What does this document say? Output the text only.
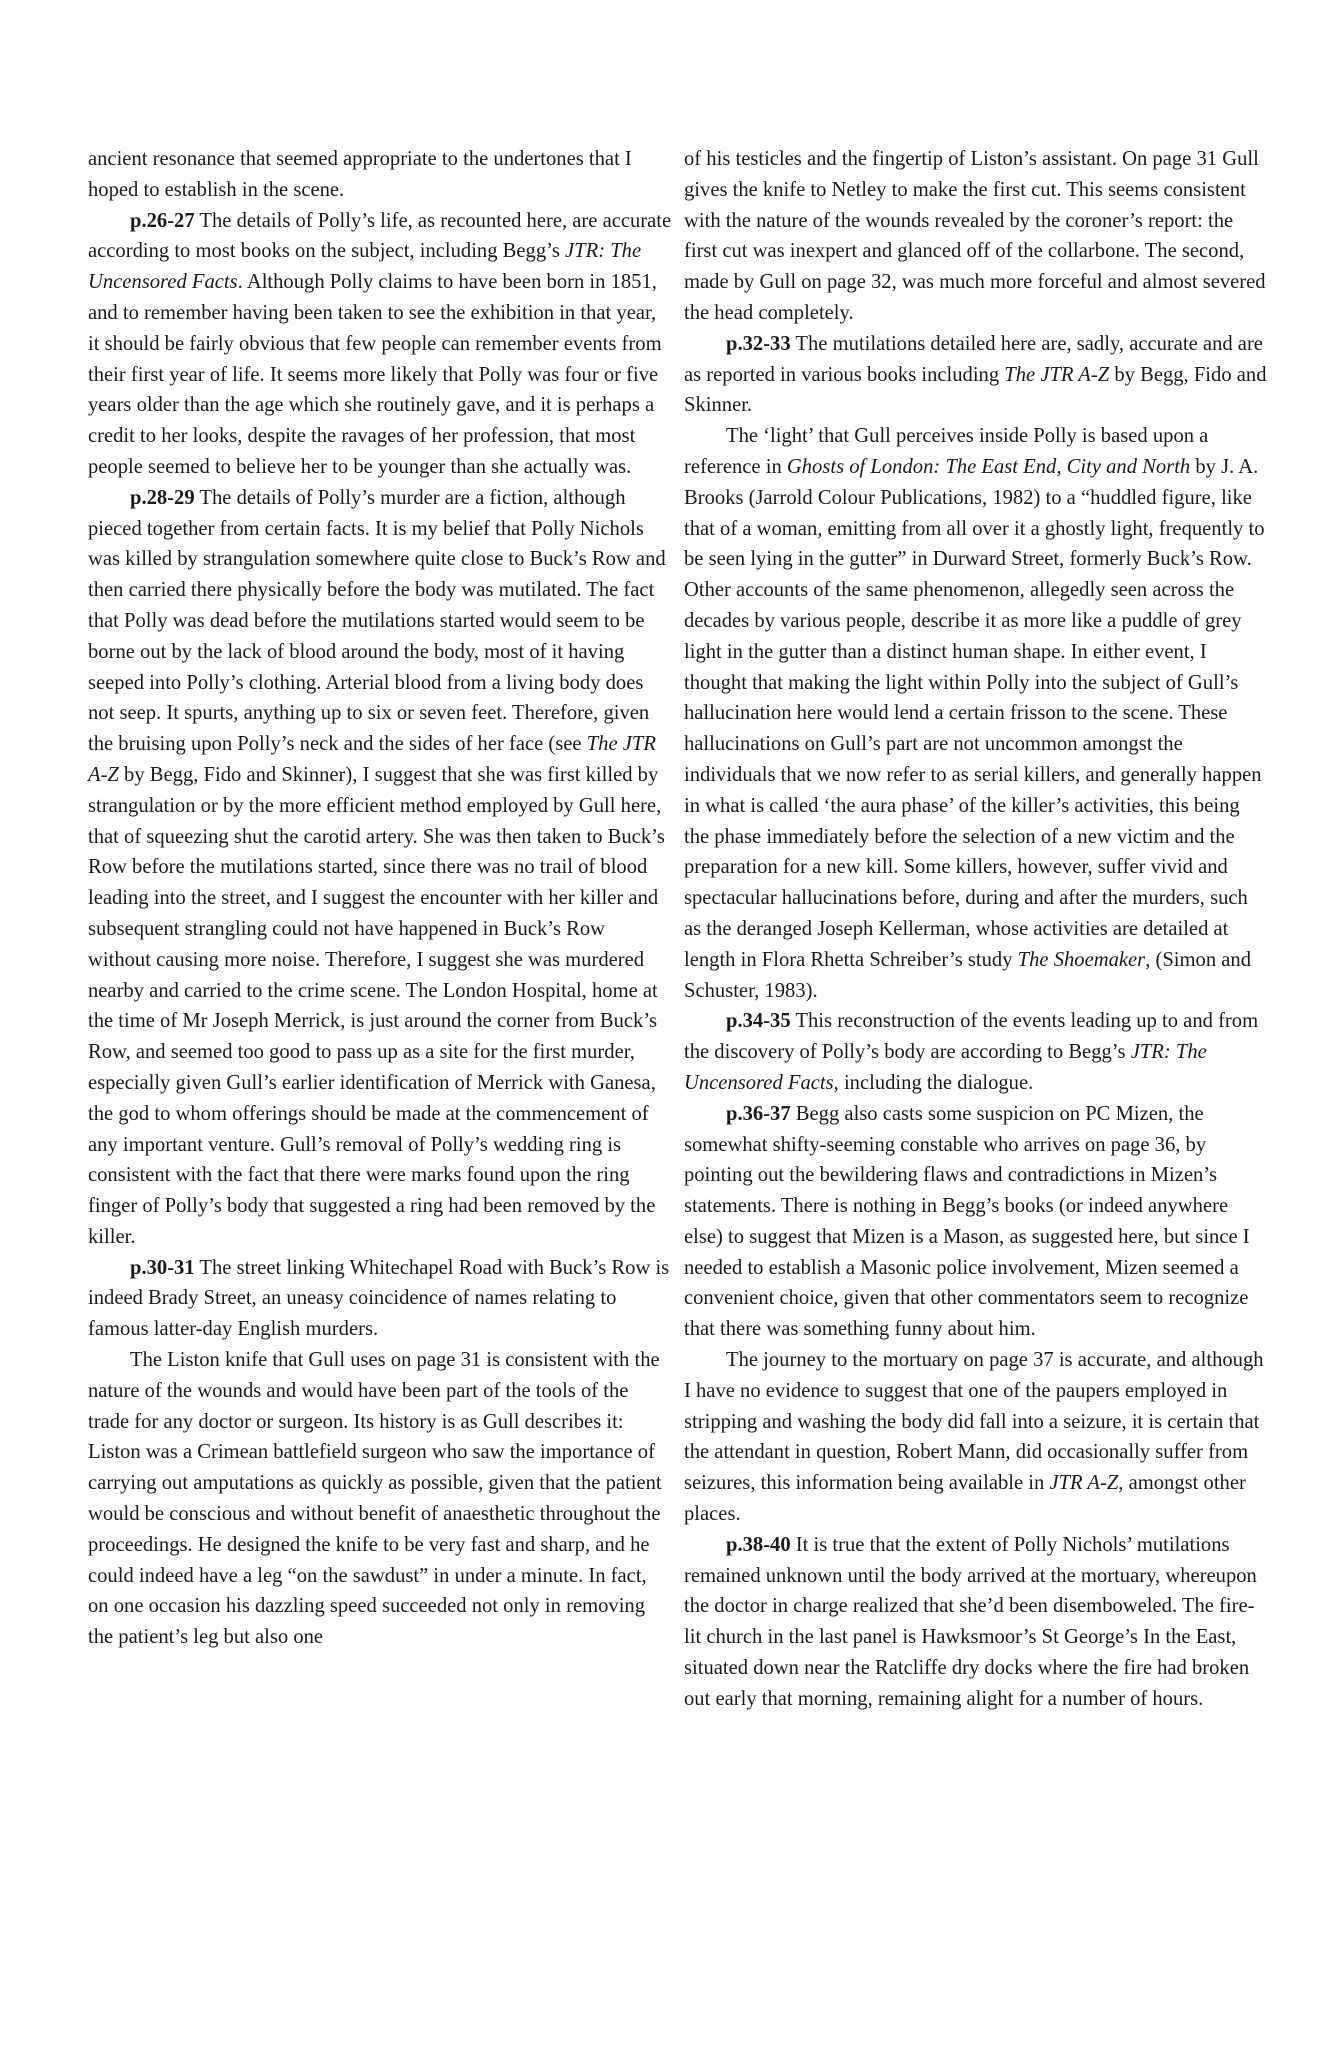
ancient resonance that seemed appropriate to the undertones that I hoped to establish in the scene.

p.26-27 The details of Polly’s life, as recounted here, are accurate according to most books on the subject, including Begg’s JTR: The Uncensored Facts. Although Polly claims to have been born in 1851, and to remember having been taken to see the exhibition in that year, it should be fairly obvious that few people can remember events from their first year of life. It seems more likely that Polly was four or five years older than the age which she routinely gave, and it is perhaps a credit to her looks, despite the ravages of her profession, that most people seemed to believe her to be younger than she actually was.

p.28-29 The details of Polly’s murder are a fiction, although pieced together from certain facts. It is my belief that Polly Nichols was killed by strangulation somewhere quite close to Buck’s Row and then carried there physically before the body was mutilated. The fact that Polly was dead before the mutilations started would seem to be borne out by the lack of blood around the body, most of it having seeped into Polly’s clothing. Arterial blood from a living body does not seep. It spurts, anything up to six or seven feet. Therefore, given the bruising upon Polly’s neck and the sides of her face (see The JTR A-Z by Begg, Fido and Skinner), I suggest that she was first killed by strangulation or by the more efficient method employed by Gull here, that of squeezing shut the carotid artery. She was then taken to Buck’s Row before the mutilations started, since there was no trail of blood leading into the street, and I suggest the encounter with her killer and subsequent strangling could not have happened in Buck’s Row without causing more noise. Therefore, I suggest she was murdered nearby and carried to the crime scene. The London Hospital, home at the time of Mr Joseph Merrick, is just around the corner from Buck’s Row, and seemed too good to pass up as a site for the first murder, especially given Gull’s earlier identification of Merrick with Ganesa, the god to whom offerings should be made at the commencement of any important venture. Gull’s removal of Polly’s wedding ring is consistent with the fact that there were marks found upon the ring finger of Polly’s body that suggested a ring had been removed by the killer.

p.30-31 The street linking Whitechapel Road with Buck’s Row is indeed Brady Street, an uneasy coincidence of names relating to famous latter-day English murders.

The Liston knife that Gull uses on page 31 is consistent with the nature of the wounds and would have been part of the tools of the trade for any doctor or surgeon. Its history is as Gull describes it: Liston was a Crimean battlefield surgeon who saw the importance of carrying out amputations as quickly as possible, given that the patient would be conscious and without benefit of anaesthetic throughout the proceedings. He designed the knife to be very fast and sharp, and he could indeed have a leg “on the sawdust” in under a minute. In fact, on one occasion his dazzling speed succeeded not only in removing the patient’s leg but also one

of his testicles and the fingertip of Liston’s assistant. On page 31 Gull gives the knife to Netley to make the first cut. This seems consistent with the nature of the wounds revealed by the coroner’s report: the first cut was inexpert and glanced off of the collarbone. The second, made by Gull on page 32, was much more forceful and almost severed the head completely.

p.32-33 The mutilations detailed here are, sadly, accurate and are as reported in various books including The JTR A-Z by Begg, Fido and Skinner.

The ‘light’ that Gull perceives inside Polly is based upon a reference in Ghosts of London: The East End, City and North by J. A. Brooks (Jarrold Colour Publications, 1982) to a “huddled figure, like that of a woman, emitting from all over it a ghostly light, frequently to be seen lying in the gutter” in Durward Street, formerly Buck’s Row. Other accounts of the same phenomenon, allegedly seen across the decades by various people, describe it as more like a puddle of grey light in the gutter than a distinct human shape. In either event, I thought that making the light within Polly into the subject of Gull’s hallucination here would lend a certain frisson to the scene. These hallucinations on Gull’s part are not uncommon amongst the individuals that we now refer to as serial killers, and generally happen in what is called ‘the aura phase’ of the killer’s activities, this being the phase immediately before the selection of a new victim and the preparation for a new kill. Some killers, however, suffer vivid and spectacular hallucinations before, during and after the murders, such as the deranged Joseph Kellerman, whose activities are detailed at length in Flora Rhetta Schreiber’s study The Shoemaker, (Simon and Schuster, 1983).

p.34-35 This reconstruction of the events leading up to and from the discovery of Polly’s body are according to Begg’s JTR: The Uncensored Facts, including the dialogue.

p.36-37 Begg also casts some suspicion on PC Mizen, the somewhat shifty-seeming constable who arrives on page 36, by pointing out the bewildering flaws and contradictions in Mizen’s statements. There is nothing in Begg’s books (or indeed anywhere else) to suggest that Mizen is a Mason, as suggested here, but since I needed to establish a Masonic police involvement, Mizen seemed a convenient choice, given that other commentators seem to recognize that there was something funny about him.

The journey to the mortuary on page 37 is accurate, and although I have no evidence to suggest that one of the paupers employed in stripping and washing the body did fall into a seizure, it is certain that the attendant in question, Robert Mann, did occasionally suffer from seizures, this information being available in JTR A-Z, amongst other places.

p.38-40 It is true that the extent of Polly Nichols’ mutilations remained unknown until the body arrived at the mortuary, whereupon the doctor in charge realized that she’d been disemboweled. The fire-lit church in the last panel is Hawksmoor’s St George’s In the East, situated down near the Ratcliffe dry docks where the fire had broken out early that morning, remaining alight for a number of hours.
